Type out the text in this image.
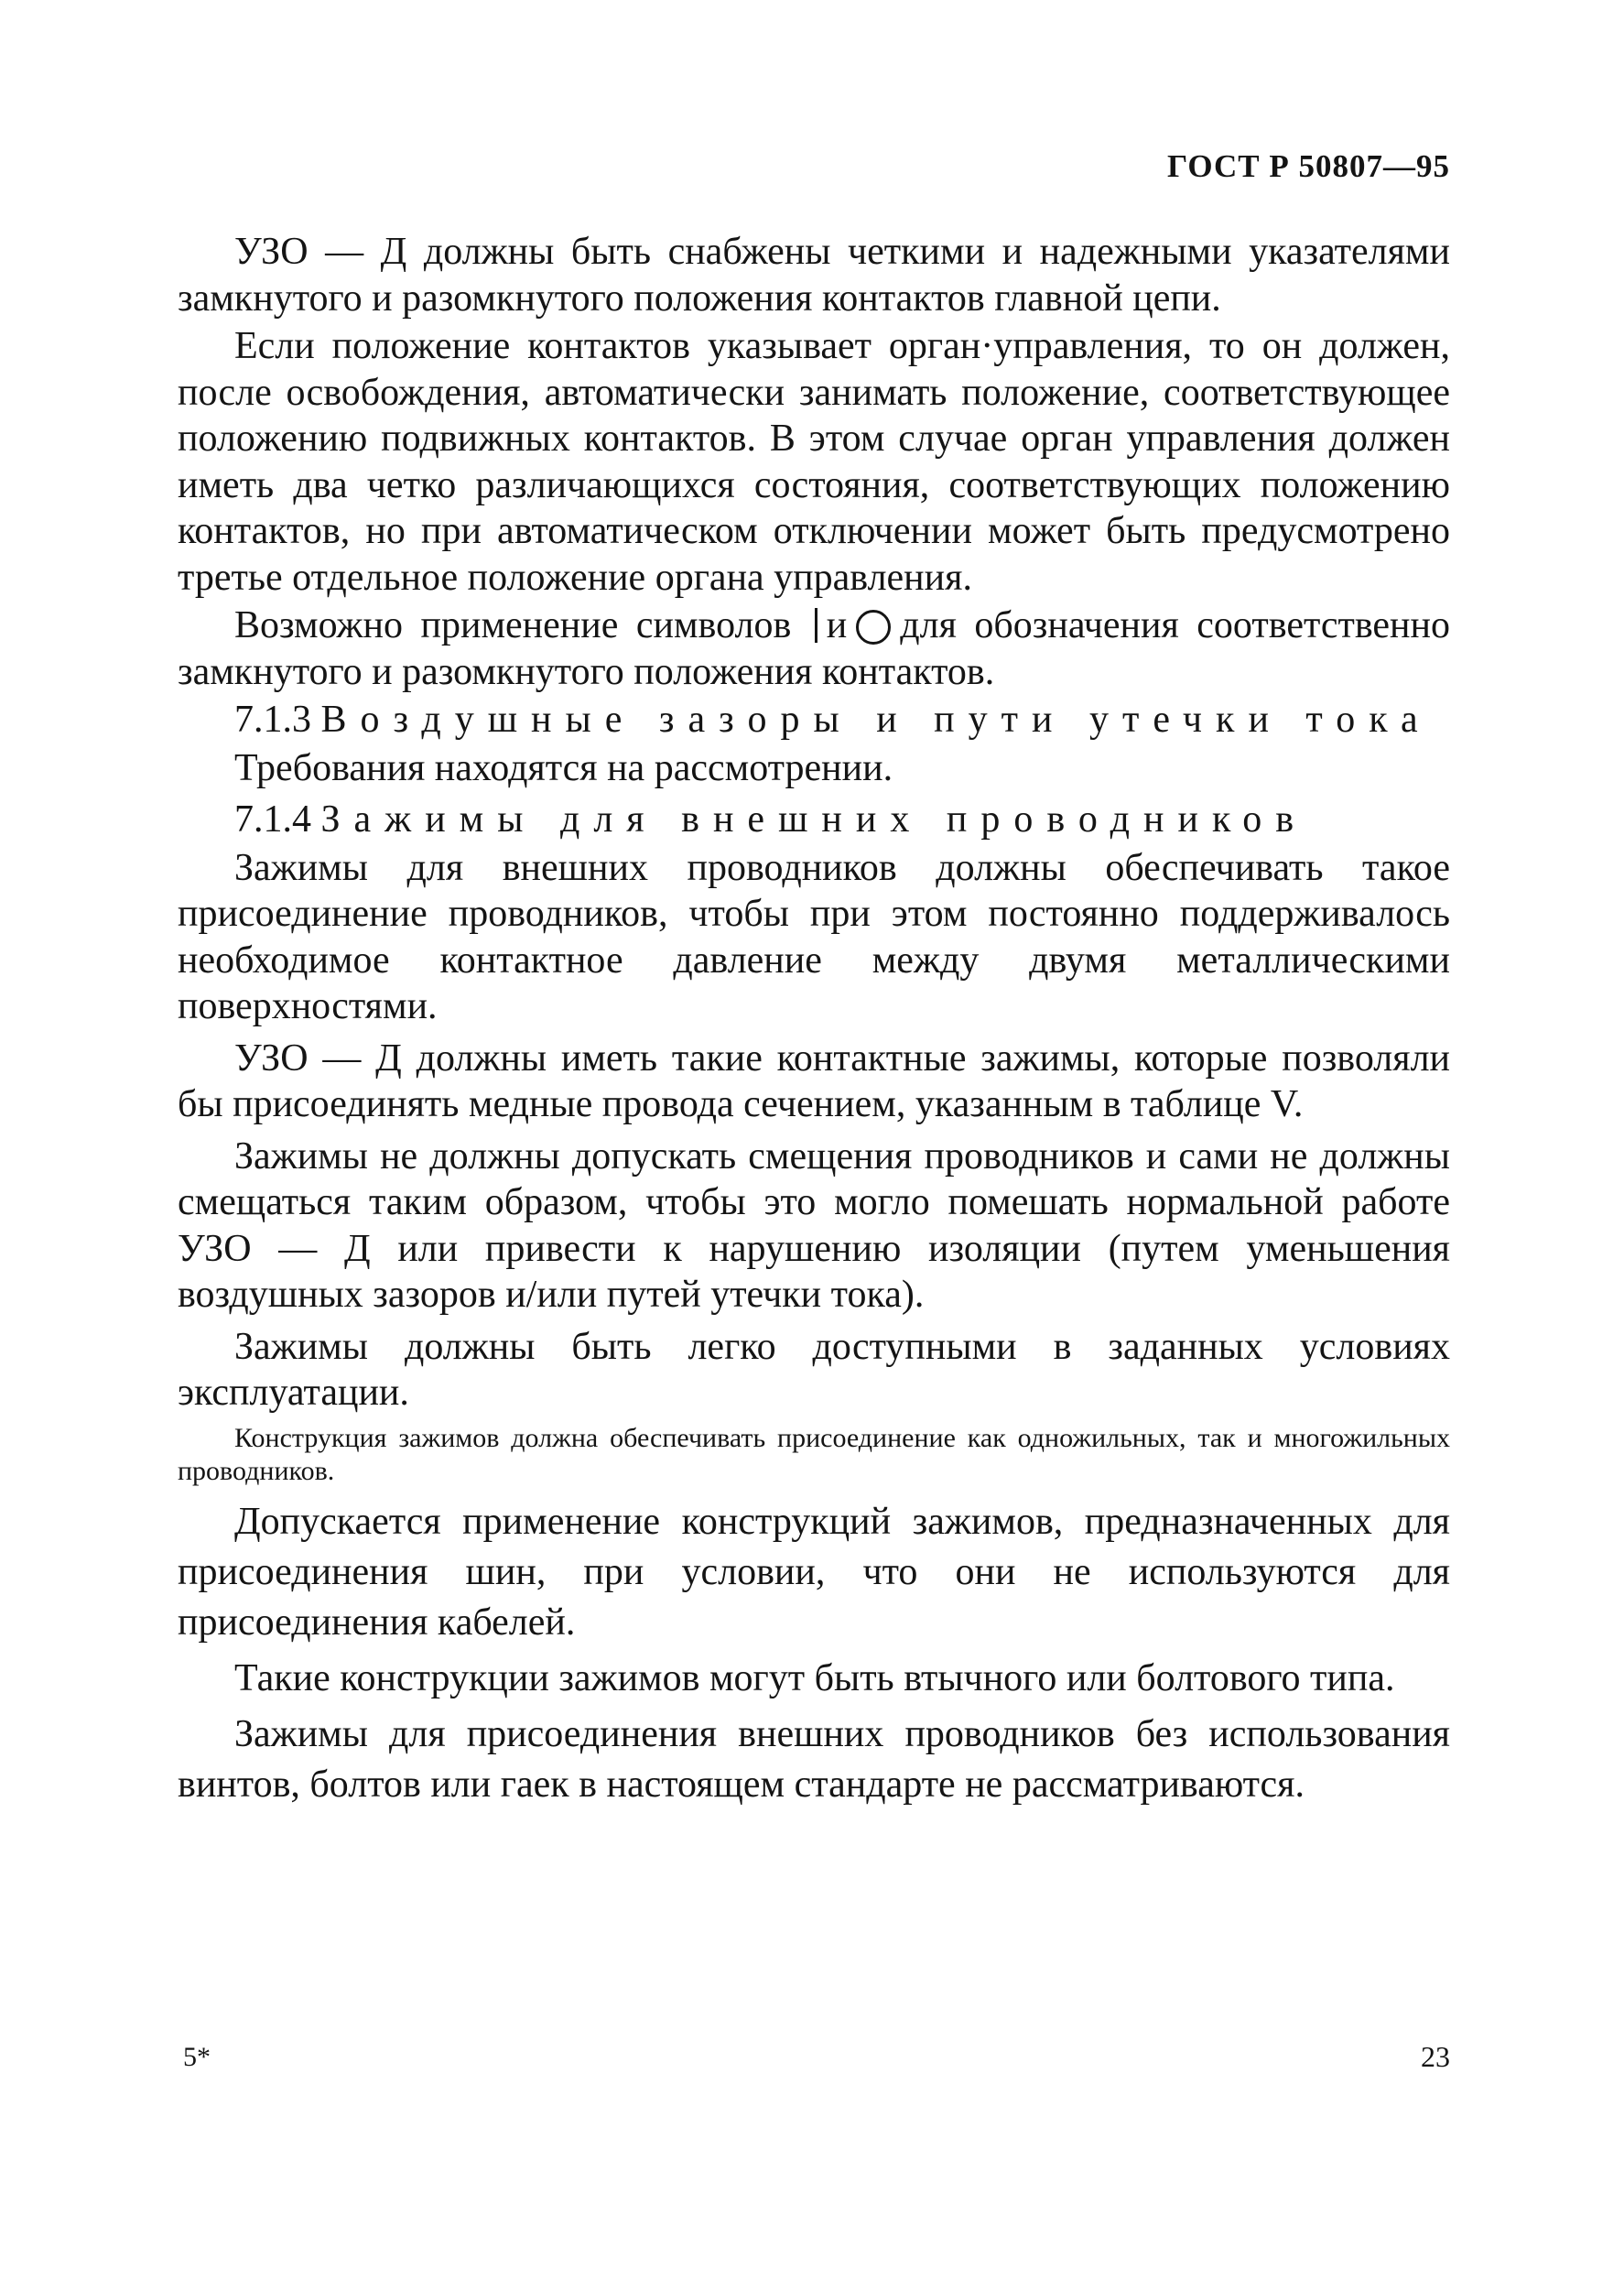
ГОСТ Р 50807—95

УЗО — Д должны быть снабжены четкими и надежными указателями замкнутого и разомкнутого положения контактов главной цепи.

Если положение контактов указывает орган·управления, то он должен, после освобождения, автоматически занимать положение, соответствующее положению подвижных контактов. В этом случае орган управления должен иметь два четко различающихся состояния, соответствующих положению контактов, но при автоматическом отключении может быть предусмотрено третье отдельное положение органа управления.

Возможно применение символов и для обозначения соответственно замкнутого и разомкнутого положения контактов.

7.1.3 Воздушные зазоры и пути утечки тока

Требования находятся на рассмотрении.

7.1.4 Зажимы для внешних проводников

Зажимы для внешних проводников должны обеспечивать такое присоединение проводников, чтобы при этом постоянно поддерживалось необходимое контактное давление между двумя металлическими поверхностями.

УЗО — Д должны иметь такие контактные зажимы, которые позволяли бы присоединять медные провода сечением, указанным в таблице V.

Зажимы не должны допускать смещения проводников и сами не должны смещаться таким образом, чтобы это могло помешать нормальной работе УЗО — Д или привести к нарушению изоляции (путем уменьшения воздушных зазоров и/или путей утечки тока).

Зажимы должны быть легко доступными в заданных условиях эксплуатации.

Конструкция зажимов должна обеспечивать присоединение как одножильных, так и многожильных проводников.

Допускается применение конструкций зажимов, предназначенных для присоединения шин, при условии, что они не используются для присоединения кабелей.

Такие конструкции зажимов могут быть втычного или болтового типа.

Зажимы для присоединения внешних проводников без использования винтов, болтов или гаек в настоящем стандарте не рассматриваются.

5*	23
